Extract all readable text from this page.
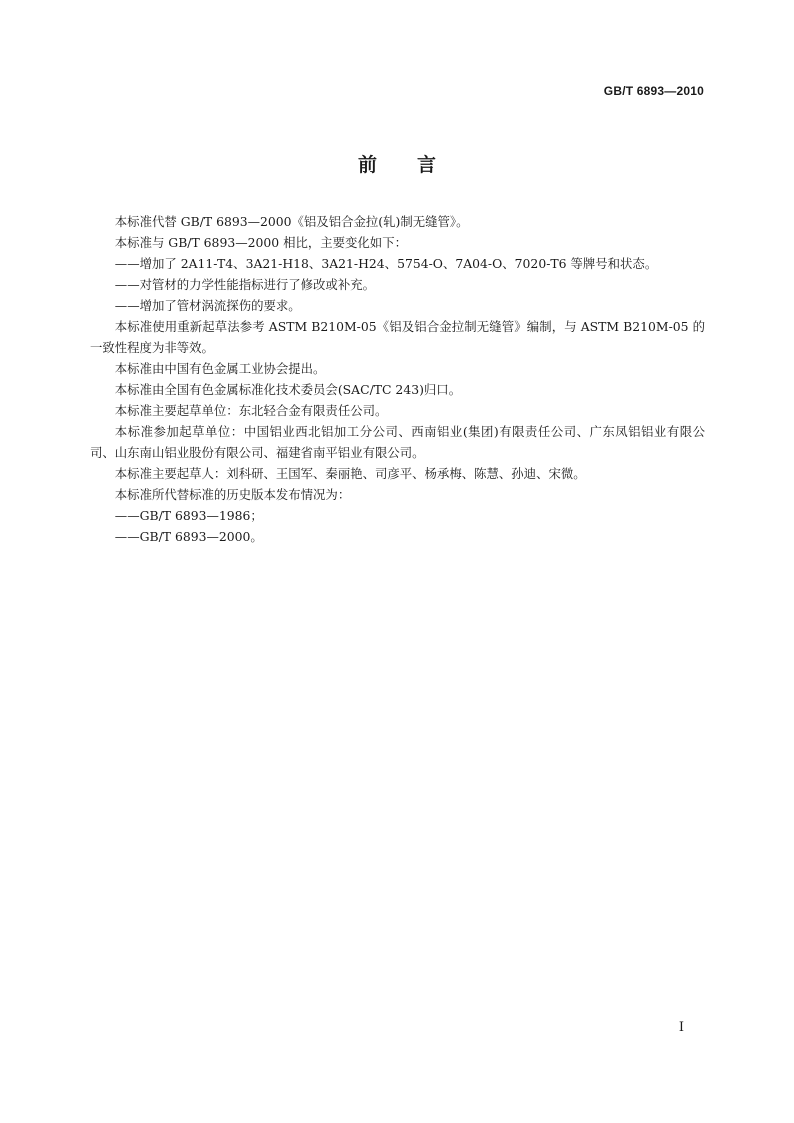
GB/T 6893—2010
前言

本标准代替 GB/T 6893—2000《铝及铝合金拉(轧)制无缝管》。

本标准与 GB/T 6893—2000 相比，主要变化如下：

——增加了 2A11-T4、3A21-H18、3A21-H24、5754-O、7A04-O、7020-T6 等牌号和状态。

——对管材的力学性能指标进行了修改或补充。

——增加了管材涡流探伤的要求。

本标准使用重新起草法参考 ASTM B210M-05《铝及铝合金拉制无缝管》编制，与 ASTM B210M-05 的一致性程度为非等效。

本标准由中国有色金属工业协会提出。

本标准由全国有色金属标准化技术委员会(SAC/TC 243)归口。

本标准主要起草单位：东北轻合金有限责任公司。

本标准参加起草单位：中国铝业西北铝加工分公司、西南铝业(集团)有限责任公司、广东凤铝铝业有限公司、山东南山铝业股份有限公司、福建省南平铝业有限公司。

本标准主要起草人：刘科研、王国军、秦丽艳、司彦平、杨承梅、陈慧、孙迪、宋微。

本标准所代替标准的历史版本发布情况为：

——GB/T 6893—1986；

——GB/T 6893—2000。

I
